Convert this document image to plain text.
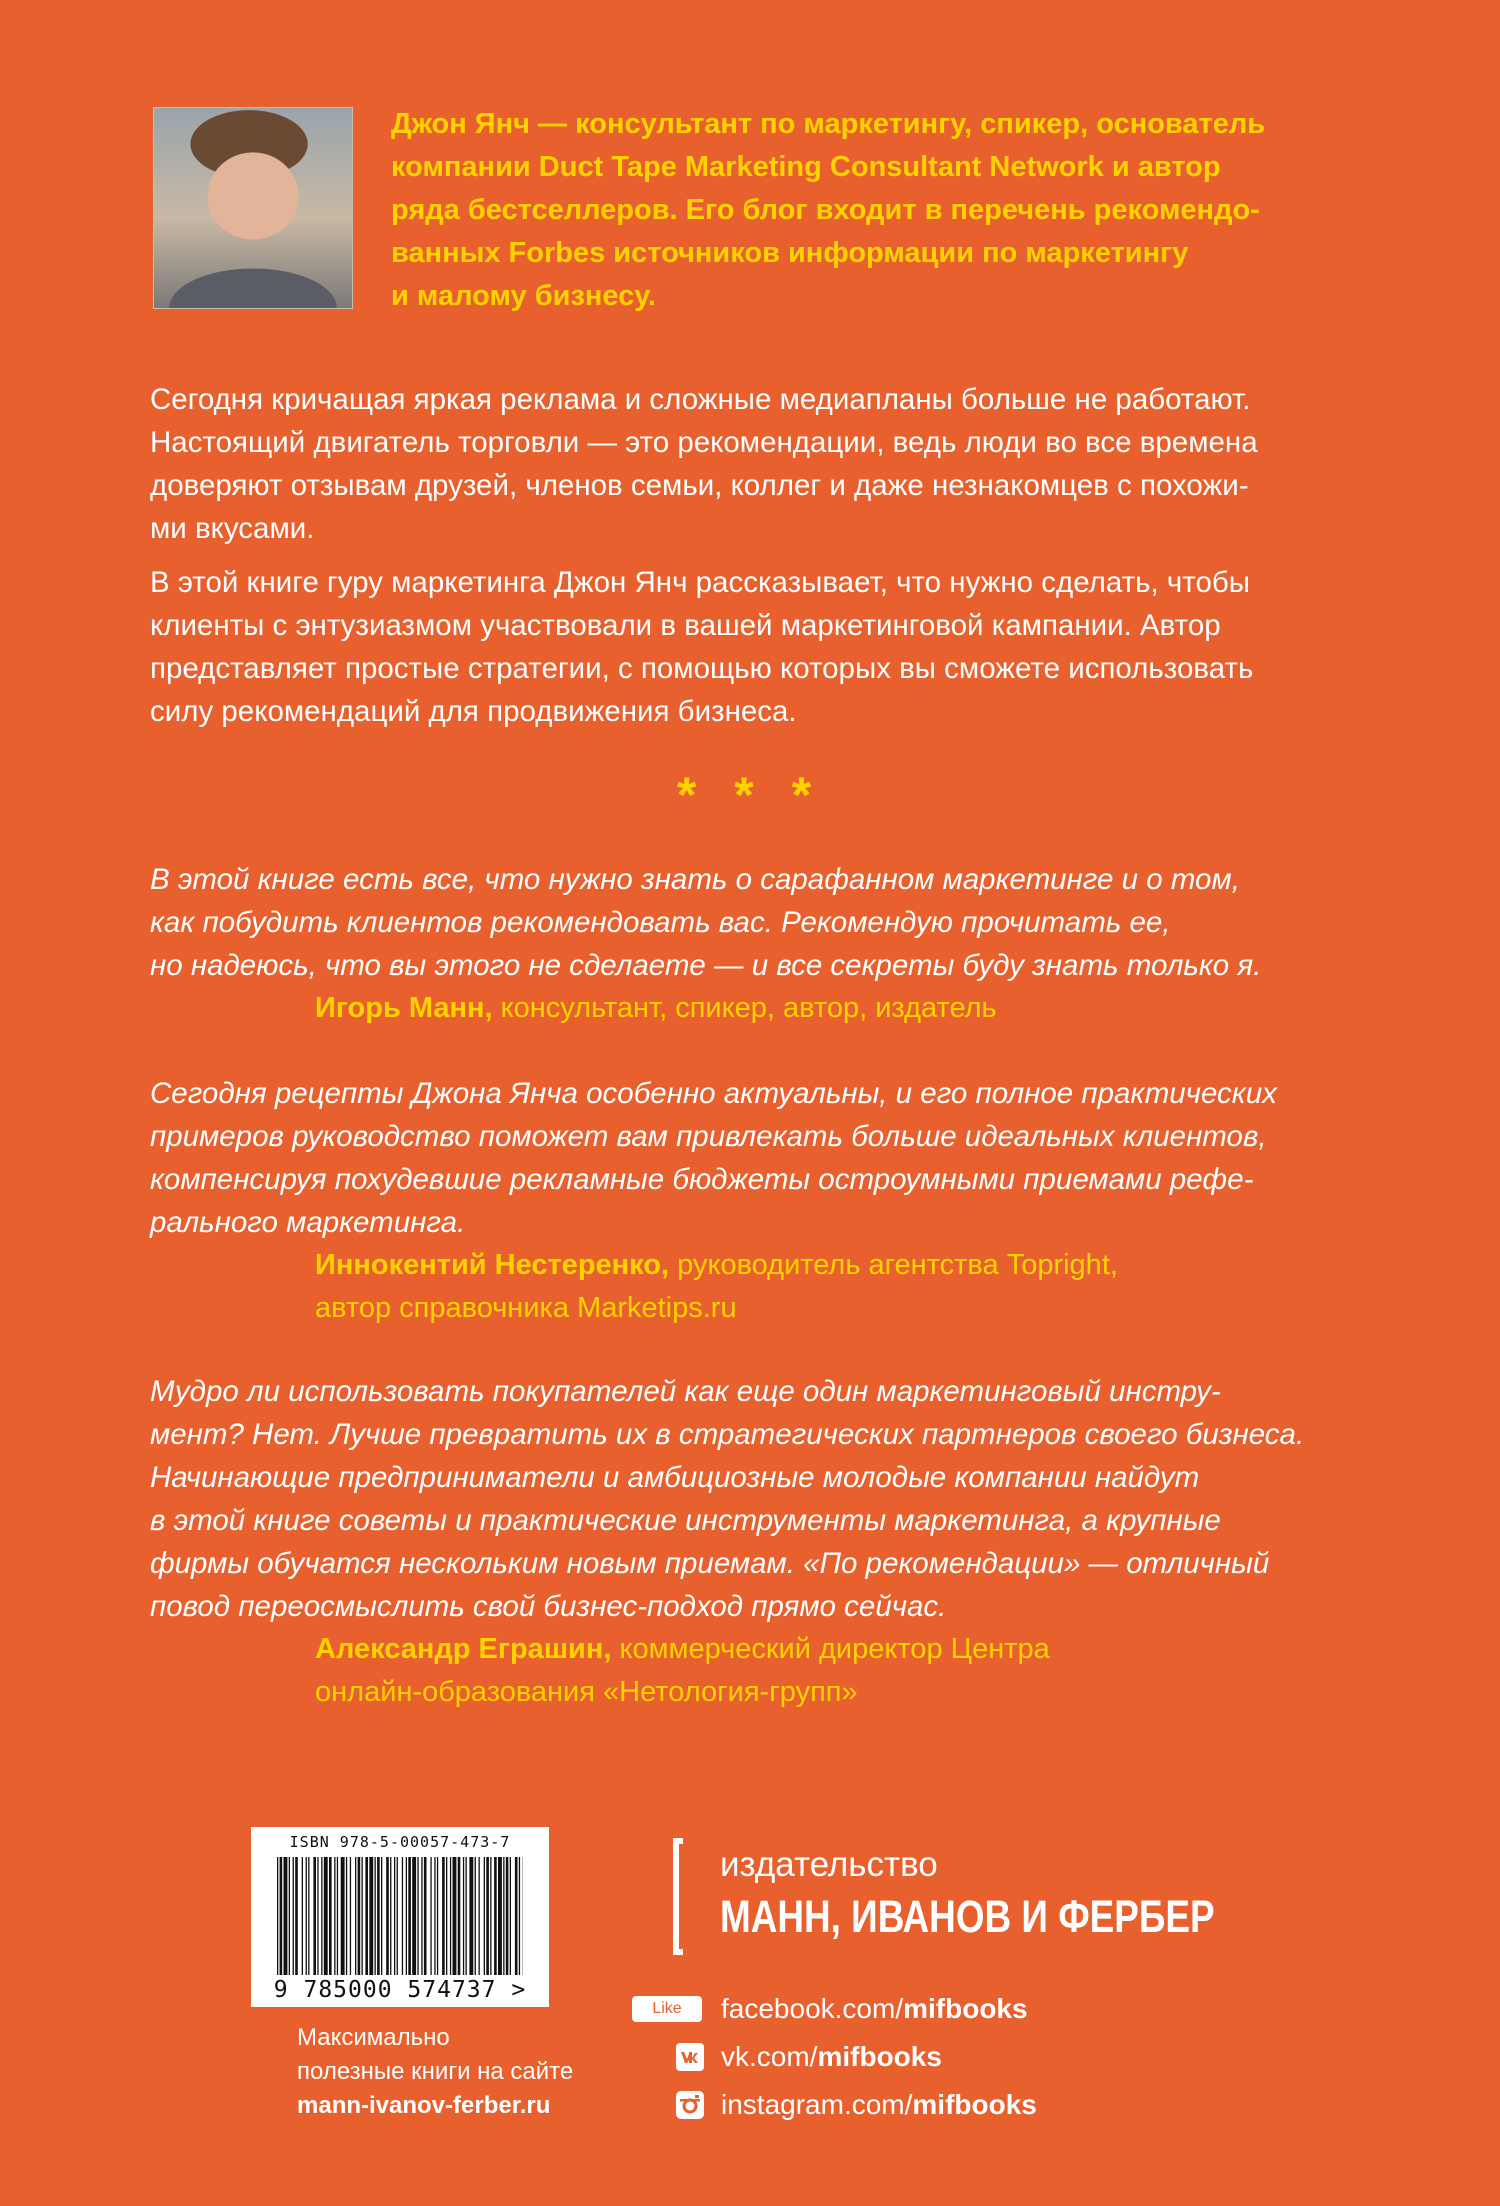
Джон Янч — консультант по маркетингу, спикер, основатель

компании Duct Tape Marketing Consultant Network и автор

ряда бестселлеров. Его блог входит в перечень рекомендо-

ванных Forbes источников информации по маркетингу

и малому бизнесу.

Сегодня кричащая яркая реклама и сложные медиапланы больше не работают.
Настоящий двигатель торговли — это рекомендации, ведь люди во все времена
доверяют отзывам друзей, членов семьи, коллег и даже незнакомцев с похожи-
ми вкусами.

В этой книге гуру маркетинга Джон Янч рассказывает, что нужно сделать, чтобы
клиенты с энтузиазмом участвовали в вашей маркетинговой кампании. Автор
представляет простые стратегии, с помощью которых вы сможете использовать
силу рекомендаций для продвижения бизнеса.

* * *

В этой книге есть все, что нужно знать о сарафанном маркетинге и о том,
как побудить клиентов рекомендовать вас. Рекомендую прочитать ее,
но надеюсь, что вы этого не сделаете — и все секреты буду знать только я.

Игорь Манн, консультант, спикер, автор, издатель

Сегодня рецепты Джона Янча особенно актуальны, и его полное практических
примеров руководство поможет вам привлекать больше идеальных клиентов,
компенсируя похудевшие рекламные бюджеты остроумными приемами рефе-
рального маркетинга.

Иннокентий Нестеренко, руководитель агентства Topright,
автор справочника Marketips.ru

Мудро ли использовать покупателей как еще один маркетинговый инстру-
мент? Нет. Лучше превратить их в стратегических партнеров своего бизнеса.
Начинающие предприниматели и амбициозные молодые компании найдут
в этой книге советы и практические инструменты маркетинга, а крупные
фирмы обучатся нескольким новым приемам. «По рекомендации» — отличный
повод переосмыслить свой бизнес-подход прямо сейчас.

Александр Еграшин, коммерческий директор Центра
онлайн-образования «Нетология-групп»
ISBN 978-5-00057-473-7
9 785000 574737 >
Максимально
полезные книги на сайте
mann-ivanov-ferber.ru
издательство
МАНН, ИВАНОВ И ФЕРБЕР
Like	facebook.com/mifbooks
vk.com/mifbooks
instagram.com/mifbooks
